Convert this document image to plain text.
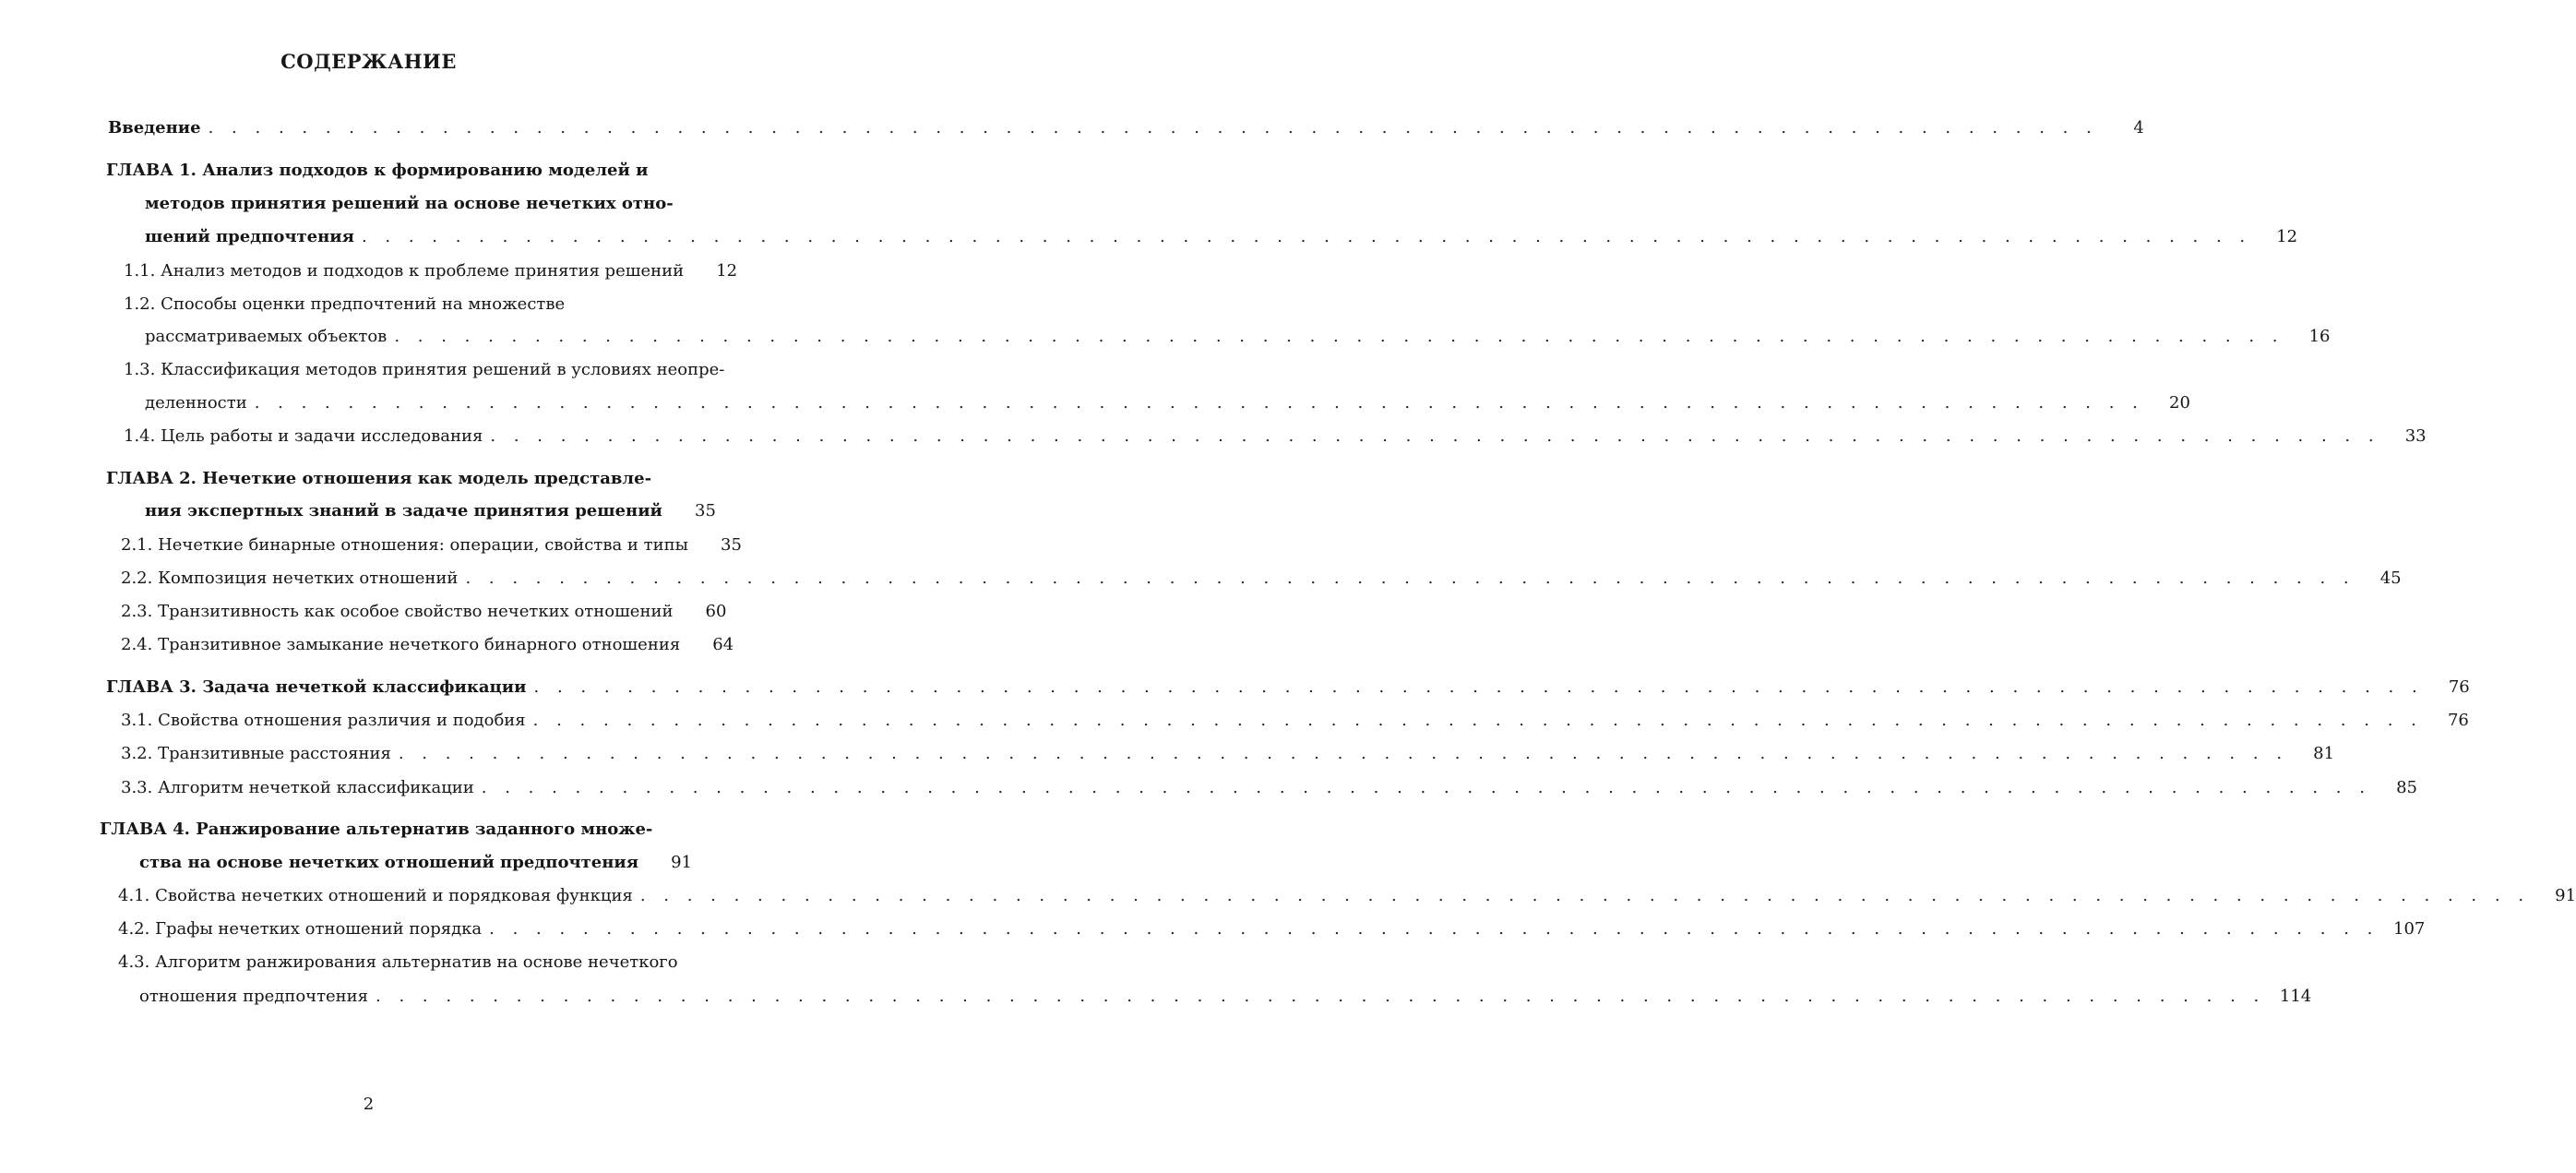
СОДЕРЖАНИЕ
Введение . . .	4
ГЛАВА 1. Анализ подходов к формированию моделей и
методов принятия решений на основе нечетких отно-
шений предпочтения . . .	12
1.1. Анализ методов и подходов к проблеме принятия решений	12
1.2. Способы оценки предпочтений на множестве
рассматриваемых объектов . . .	16
1.3. Классификация методов принятия решений в условиях неопре-
деленности . . .	20
1.4. Цель работы и задачи исследования . . .	33
ГЛАВА 2. Нечеткие отношения как модель представле-
ния экспертных знаний в задаче принятия решений	35
2.1. Нечеткие бинарные отношения: операции, свойства и типы	35
2.2. Композиция нечетких отношений . . .	45
2.3. Транзитивность как особое свойство нечетких отношений	60
2.4. Транзитивное замыкание нечеткого бинарного отношения	64
ГЛАВА 3. Задача нечеткой классификации . . .	76
3.1. Свойства отношения различия и подобия . . .	76
3.2. Транзитивные расстояния . . .	81
3.3. Алгоритм нечеткой классификации . . .	85
ГЛАВА 4. Ранжирование альтернатив заданного множе-
ства на основе нечетких отношений предпочтения	91
4.1. Свойства нечетких отношений и порядковая функция . . .	91
4.2. Графы нечетких отношений порядка . . .	107
4.3. Алгоритм ранжирования альтернатив на основе нечеткого
отношения предпочтения . . .	114
2
